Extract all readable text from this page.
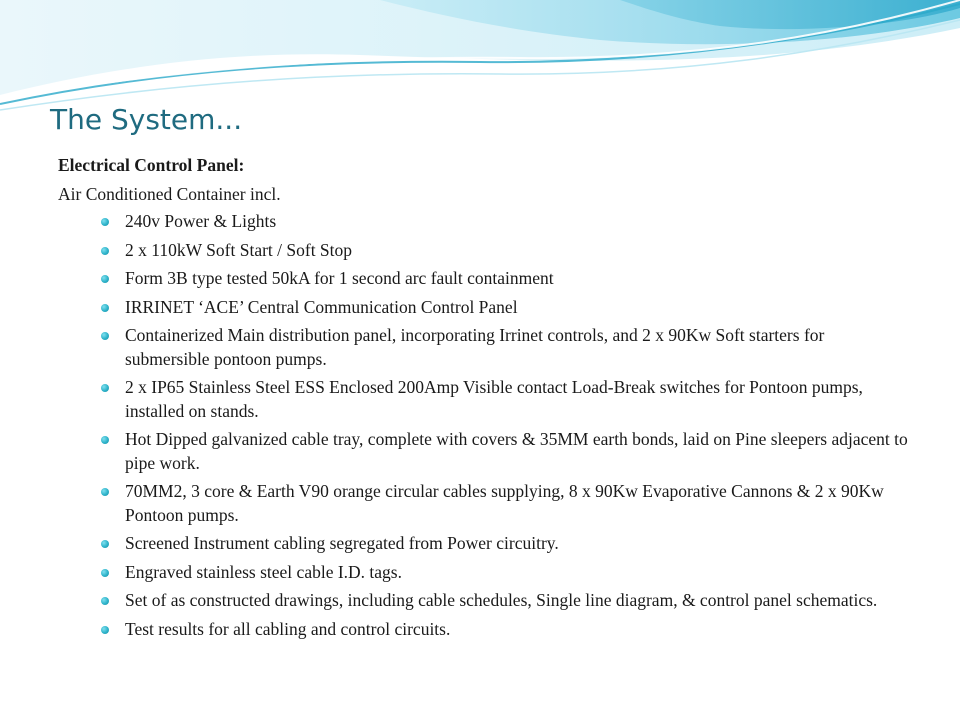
The System...
Electrical Control Panel:
Air Conditioned Container incl.
240v Power & Lights
2 x 110kW Soft Start / Soft Stop
Form 3B type tested 50kA for 1 second arc fault containment
IRRINET ‘ACE’ Central Communication Control Panel
Containerized Main distribution panel, incorporating Irrinet controls, and 2 x 90Kw Soft starters for submersible pontoon pumps.
2 x IP65 Stainless Steel ESS Enclosed 200Amp Visible contact Load-Break switches for Pontoon pumps, installed on stands.
Hot Dipped galvanized cable tray, complete with covers & 35MM earth bonds, laid on Pine sleepers adjacent to pipe work.
70MM2, 3 core & Earth V90 orange circular cables supplying, 8 x 90Kw Evaporative Cannons & 2 x 90Kw Pontoon pumps.
Screened Instrument cabling segregated from Power circuitry.
Engraved stainless steel cable I.D. tags.
Set of as constructed drawings, including cable schedules, Single line diagram, & control panel schematics.
Test results for all cabling and control circuits.
